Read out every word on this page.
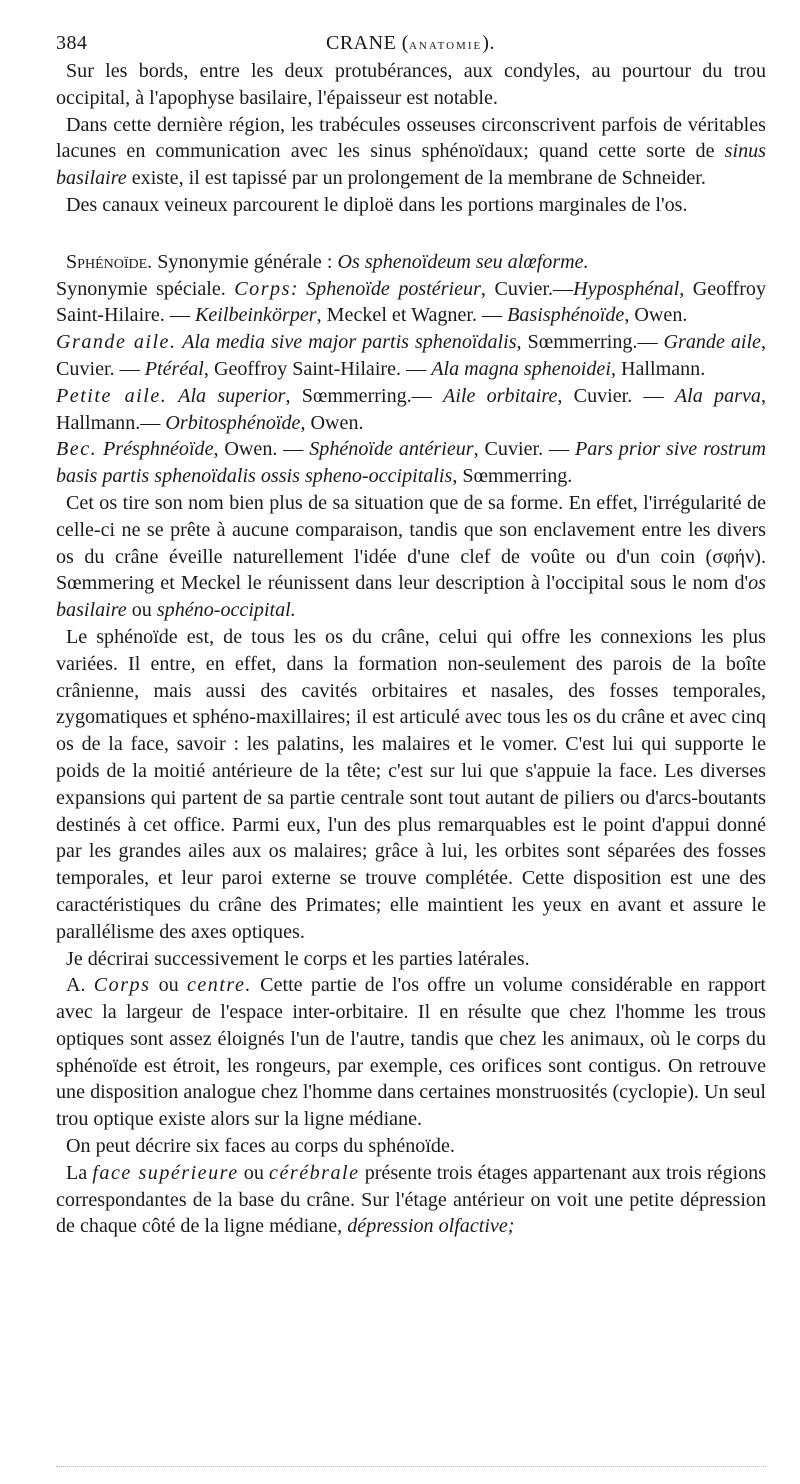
384	CRANE (anatomie).

Sur les bords, entre les deux protubérances, aux condyles, au pourtour du trou occipital, à l'apophyse basilaire, l'épaisseur est notable.

Dans cette dernière région, les trabécules osseuses circonscrivent parfois de véritables lacunes en communication avec les sinus sphénoïdaux; quand cette sorte de sinus basilaire existe, il est tapissé par un prolongement de la membrane de Schneider.

Des canaux veineux parcourent le diploë dans les portions marginales de l'os.

Sphénoïde. Synonymie générale : Os sphenoïdeum seu alœforme.

Synonymie spéciale. Corps: Sphenoïde postérieur, Cuvier.—Hyposphénal, Geoffroy Saint-Hilaire. — Keilbeinkörper, Meckel et Wagner. — Basisphénoïde, Owen.

Grande aile. Ala media sive major partis sphenoïdalis, Sœmmerring.— Grande aile, Cuvier. — Ptéréal, Geoffroy Saint-Hilaire. — Ala magna sphenoidei, Hallmann.

Petite aile. Ala superior, Sœmmerring.— Aile orbitaire, Cuvier. — Ala parva, Hallmann.— Orbitosphénoïde, Owen.

Bec. Présphnéoïde, Owen. — Sphénoïde antérieur, Cuvier. — Pars prior sive rostrum basis partis sphenoïdalis ossis spheno-occipitalis, Sœmmerring.

Cet os tire son nom bien plus de sa situation que de sa forme. En effet, l'irrégularité de celle-ci ne se prête à aucune comparaison, tandis que son enclavement entre les divers os du crâne éveille naturellement l'idée d'une clef de voûte ou d'un coin (σφήν). Sœmmering et Meckel le réunissent dans leur description à l'occipital sous le nom d'os basilaire ou sphéno-occipital.

Le sphénoïde est, de tous les os du crâne, celui qui offre les connexions les plus variées. Il entre, en effet, dans la formation non-seulement des parois de la boîte crânienne, mais aussi des cavités orbitaires et nasales, des fosses temporales, zygomatiques et sphéno-maxillaires; il est articulé avec tous les os du crâne et avec cinq os de la face, savoir : les palatins, les malaires et le vomer. C'est lui qui supporte le poids de la moitié antérieure de la tête; c'est sur lui que s'appuie la face. Les diverses expansions qui partent de sa partie centrale sont tout autant de piliers ou d'arcs-boutants destinés à cet office. Parmi eux, l'un des plus remarquables est le point d'appui donné par les grandes ailes aux os malaires; grâce à lui, les orbites sont séparées des fosses temporales, et leur paroi externe se trouve complétée. Cette disposition est une des caractéristiques du crâne des Primates; elle maintient les yeux en avant et assure le parallélisme des axes optiques.

Je décrirai successivement le corps et les parties latérales.

A. Corps ou centre. Cette partie de l'os offre un volume considérable en rapport avec la largeur de l'espace inter-orbitaire. Il en résulte que chez l'homme les trous optiques sont assez éloignés l'un de l'autre, tandis que chez les animaux, où le corps du sphénoïde est étroit, les rongeurs, par exemple, ces orifices sont contigus. On retrouve une disposition analogue chez l'homme dans certaines monstruosités (cyclopie). Un seul trou optique existe alors sur la ligne médiane.

On peut décrire six faces au corps du sphénoïde.

La face supérieure ou cérébrale présente trois étages appartenant aux trois régions correspondantes de la base du crâne. Sur l'étage antérieur on voit une petite dépression de chaque côté de la ligne médiane, dépression olfactive;
